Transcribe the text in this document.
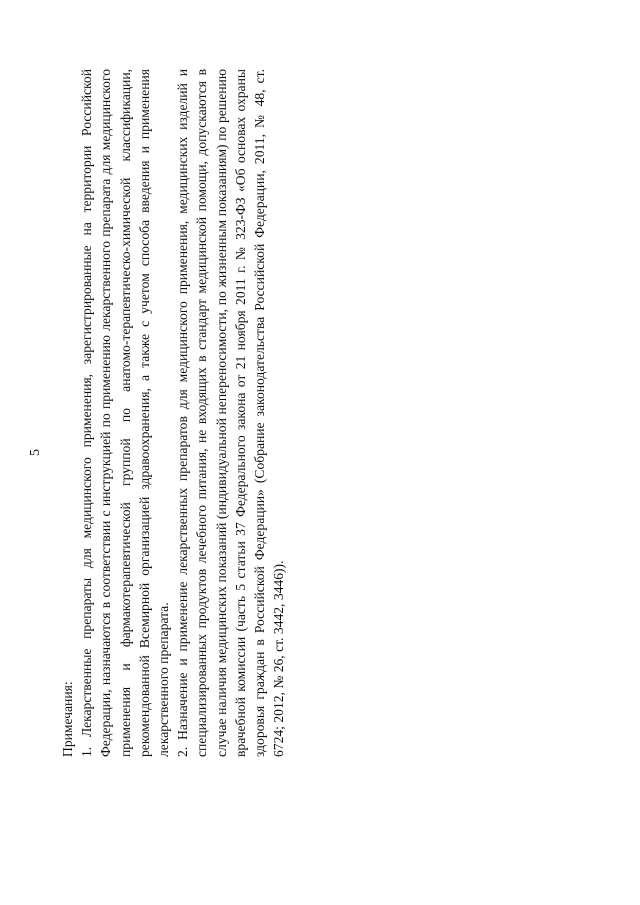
5

Примечания: 1. Лекарственные препараты для медицинского применения, зарегистрированные на территории Российской Федерации, назначаются в соответствии с инструкцией по применению лекарственного препарата для медицинского применения и фармакотерапевтической группой по анатомо-терапевтическо-химической классификации, рекомендованной Всемирной организацией здравоохранения, а также с учетом способа введения и применения лекарственного препарата. 2. Назначение и применение лекарственных препаратов для медицинского применения, медицинских изделий и специализированных продуктов лечебного питания, не входящих в стандарт медицинской помощи, допускаются в случае наличия медицинских показаний (индивидуальной непереносимости, по жизненным показаниям) по решению врачебной комиссии (часть 5 статьи 37 Федерального закона от 21 ноября 2011 г. № 323-ФЗ «Об основах охраны здоровья граждан в Российской Федерации» (Собрание законодательства Российской Федерации, 2011, № 48, ст. 6724; 2012, № 26, ст. 3442, 3446)).
